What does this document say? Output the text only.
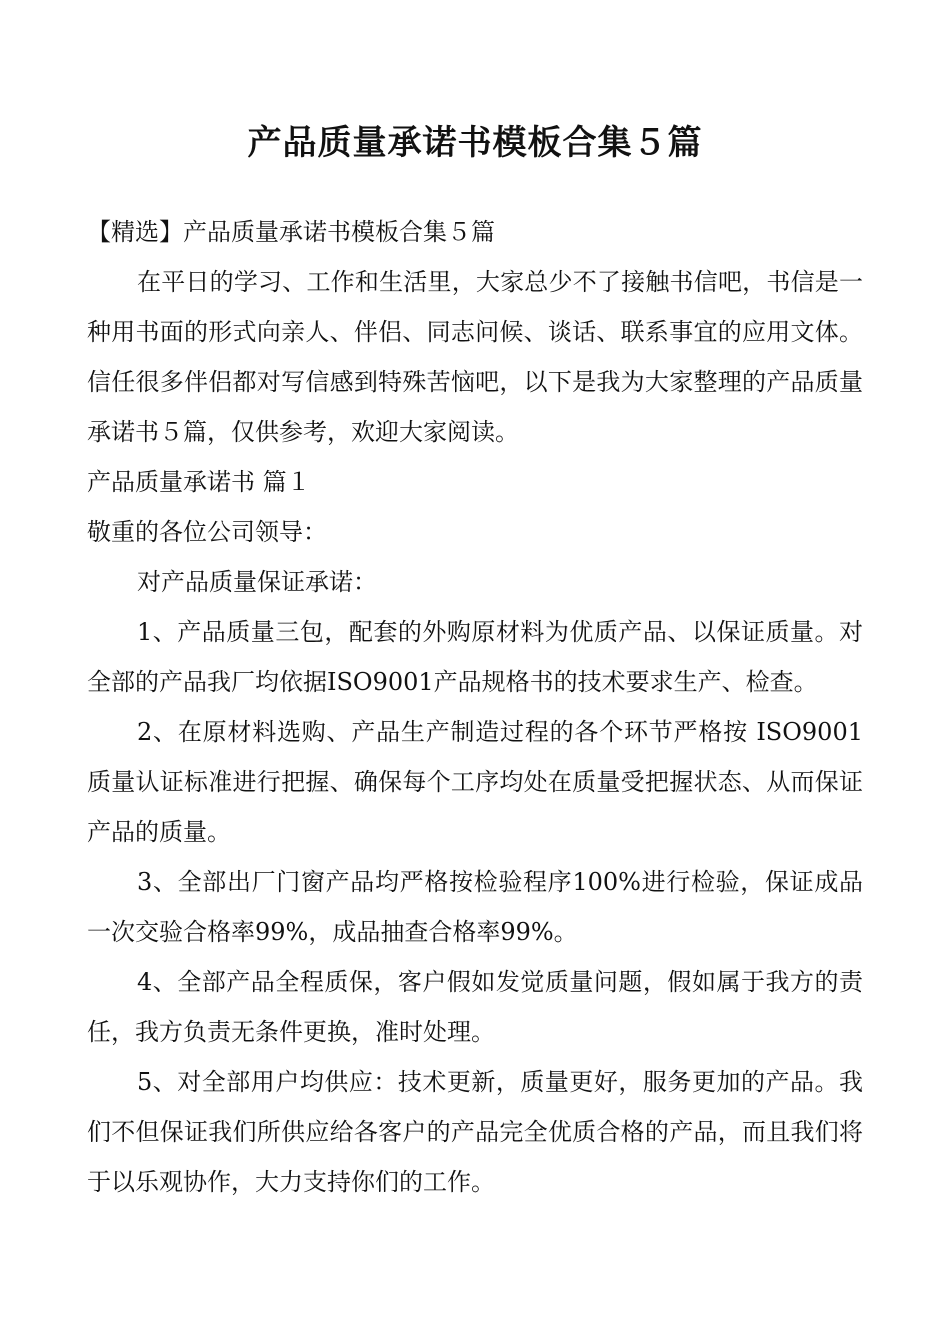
产品质量承诺书模板合集５篇

【精选】产品质量承诺书模板合集５篇

在平日的学习、工作和生活里，大家总少不了接触书信吧，书信是一种用书面的形式向亲人、伴侣、同志问候、谈话、联系事宜的应用文体。信任很多伴侣都对写信感到特殊苦恼吧，以下是我为大家整理的产品质量承诺书５篇，仅供参考，欢迎大家阅读。

产品质量承诺书 篇１

敬重的各位公司领导：

对产品质量保证承诺：

1、产品质量三包，配套的外购原材料为优质产品、以保证质量。对全部的产品我厂均依据ISO9001产品规格书的技术要求生产、检查。

2、在原材料选购、产品生产制造过程的各个环节严格按 ISO9001质量认证标准进行把握、确保每个工序均处在质量受把握状态、从而保证产品的质量。

3、全部出厂门窗产品均严格按检验程序100%进行检验，保证成品一次交验合格率99%，成品抽查合格率99%。

4、全部产品全程质保，客户假如发觉质量问题，假如属于我方的责任，我方负责无条件更换，准时处理。

5、对全部用户均供应：技术更新，质量更好，服务更加的产品。我们不但保证我们所供应给各客户的产品完全优质合格的产品，而且我们将于以乐观协作，大力支持你们的工作。
